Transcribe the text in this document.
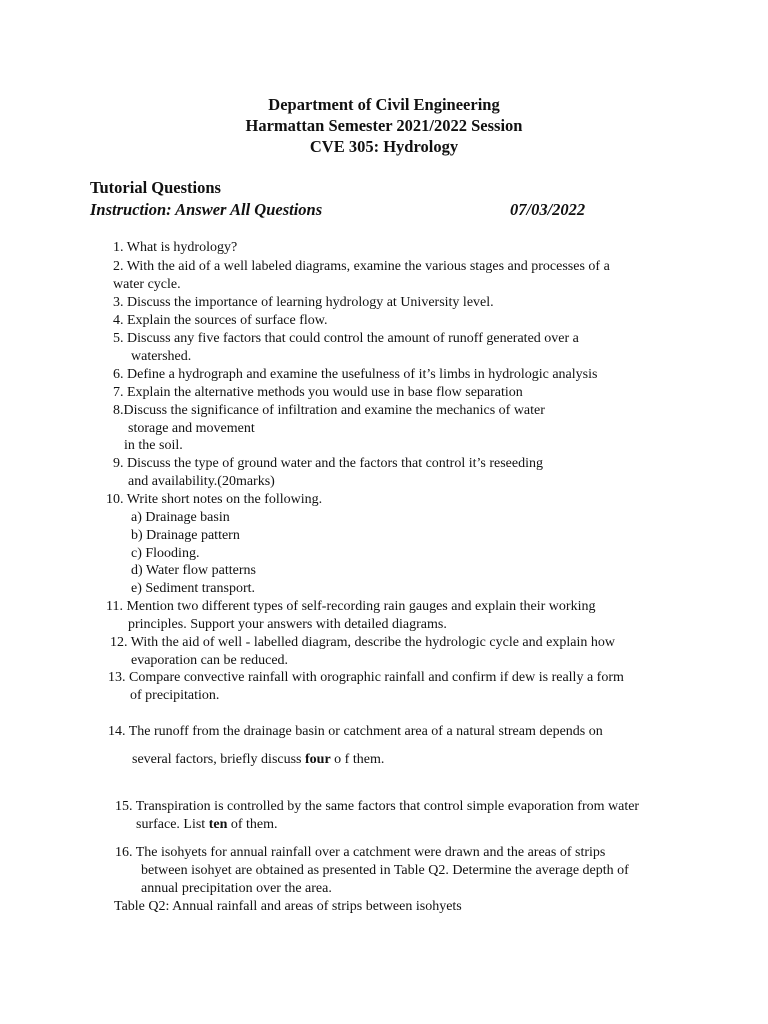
Department of Civil Engineering
Harmattan Semester 2021/2022 Session
CVE 305: Hydrology
Tutorial Questions
Instruction: Answer All Questions	07/03/2022
1. What is hydrology?
2. With the aid of a well labeled diagrams, examine the various stages and processes of a
water cycle.
3. Discuss the importance of learning hydrology at University level.
4. Explain the sources of surface flow.
5. Discuss any five factors that could control the amount of runoff generated over a
watershed.
6. Define a hydrograph and examine the usefulness of it’s limbs in hydrologic analysis
7. Explain the alternative methods you would use in base flow separation
8.Discuss the significance of infiltration and examine the mechanics of water
storage and movement
in the soil.
9. Discuss the type of ground water and the factors that control it’s reseeding
and availability.(20marks)
10. Write short notes on the following.
a) Drainage basin
b) Drainage pattern
c) Flooding.
d) Water flow patterns
e) Sediment transport.
11. Mention two different types of self-recording rain gauges and explain their working
principles. Support your answers with detailed diagrams.
12. With the aid of well - labelled diagram, describe the hydrologic cycle and explain how
evaporation can be reduced.
13. Compare convective rainfall with orographic rainfall and confirm if dew is really a form
of precipitation.
14. The runoff from the drainage basin or catchment area of a natural stream depends on
several factors, briefly discuss four o f them.
15. Transpiration is controlled by the same factors that control simple evaporation from water
surface. List ten of them.
16. The isohyets for annual rainfall over a catchment were drawn and the areas of strips
between isohyet are obtained as presented in Table Q2. Determine the average depth of
annual precipitation over the area.
Table Q2: Annual rainfall and areas of strips between isohyets
